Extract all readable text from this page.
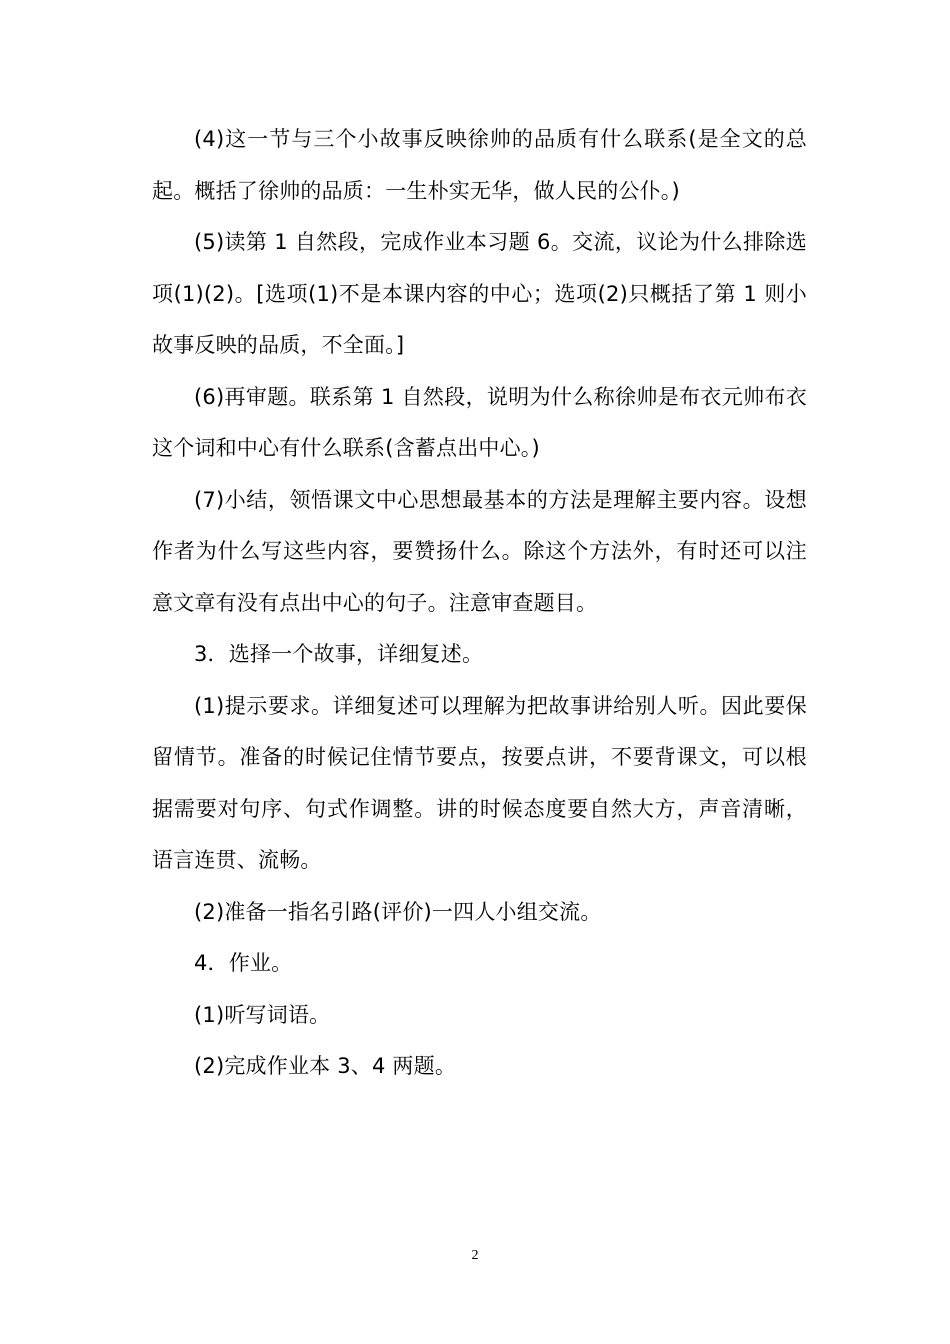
(4)这一节与三个小故事反映徐帅的品质有什么联系(是全文的总起。概括了徐帅的品质：一生朴实无华，做人民的公仆。)

(5)读第 1 自然段，完成作业本习题 6。交流，议论为什么排除选项(1)(2)。[选项(1)不是本课内容的中心；选项(2)只概括了第 1 则小故事反映的品质，不全面。]

(6)再审题。联系第 1 自然段，说明为什么称徐帅是布衣元帅布衣这个词和中心有什么联系(含蓄点出中心。)

(7)小结，领悟课文中心思想最基本的方法是理解主要内容。设想作者为什么写这些内容，要赞扬什么。除这个方法外，有时还可以注意文章有没有点出中心的句子。注意审查题目。

3．选择一个故事，详细复述。

(1)提示要求。详细复述可以理解为把故事讲给别人听。因此要保留情节。准备的时候记住情节要点，按要点讲，不要背课文，可以根据需要对句序、句式作调整。讲的时候态度要自然大方，声音清晰，语言连贯、流畅。

(2)准备一指名引路(评价)一四人小组交流。

4．作业。

(1)听写词语。

(2)完成作业本 3、4 两题。

2
